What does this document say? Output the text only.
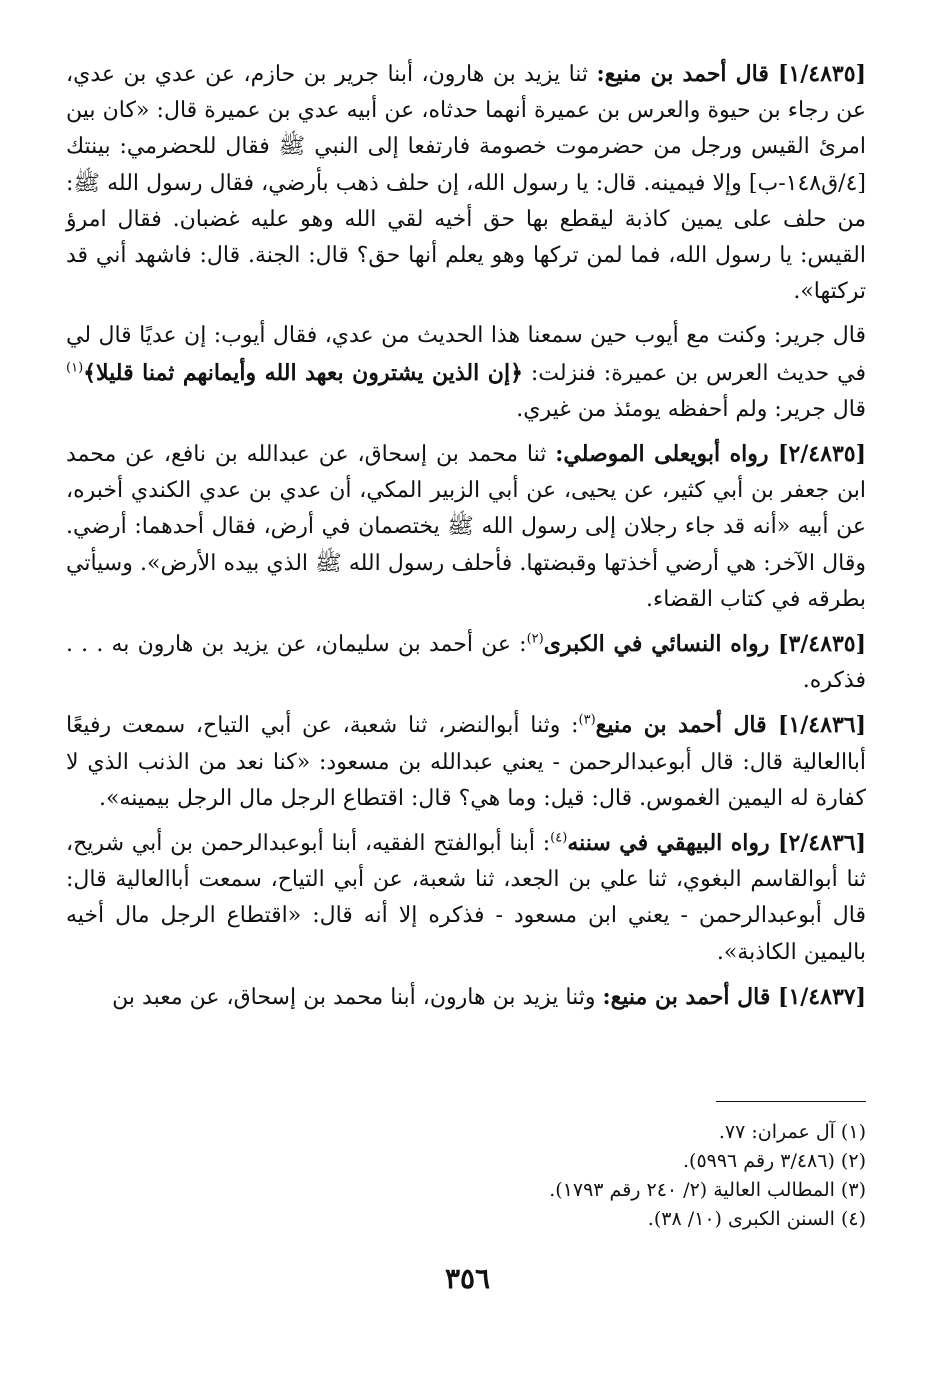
[١/٤٨٣٥] قال أحمد بن منيع: ثنا يزيد بن هارون، أبنا جرير بن حازم، عن عدي بن عدي، عن رجاء بن حيوة والعرس بن عميرة أنهما حدثاه، عن أبيه عدي بن عميرة قال: «كان بين امرئ القيس ورجل من حضرموت خصومة فارتفعا إلى النبي ﷺ فقال للحضرمي: بينتك [٤/ق١٤٨-ب] وإلا فيمينه. قال: يا رسول الله، إن حلف ذهب بأرضي، فقال رسول الله ﷺ: من حلف على يمين كاذبة ليقطع بها حق أخيه لقي الله وهو عليه غضبان. فقال امرؤ القيس: يا رسول الله، فما لمن تركها وهو يعلم أنها حق؟ قال: الجنة. قال: فاشهد أني قد تركتها».

قال جرير: وكنت مع أيوب حين سمعنا هذا الحديث من عدي، فقال أيوب: إن عديًا قال لي في حديث العرس بن عميرة: فنزلت: ﴿إن الذين يشترون بعهد الله وأيمانهم ثمنا قليلا﴾$^{(١)}$ قال جرير: ولم أحفظه يومئذ من غيري.

[٢/٤٨٣٥] رواه أبويعلى الموصلي: ثنا محمد بن إسحاق، عن عبدالله بن نافع، عن محمد ابن جعفر بن أبي كثير، عن يحيى، عن أبي الزبير المكي، أن عدي بن عدي الكندي أخبره، عن أبيه «أنه قد جاء رجلان إلى رسول الله ﷺ يختصمان في أرض، فقال أحدهما: أرضي. وقال الآخر: هي أرضي أخذتها وقبضتها. فأحلف رسول الله ﷺ الذي بيده الأرض». وسيأتي بطرقه في كتاب القضاء.

[٣/٤٨٣٥] رواه النسائي في الكبرى$^{(٢)}$: عن أحمد بن سليمان، عن يزيد بن هارون به . . . فذكره.

[١/٤٨٣٦] قال أحمد بن منيع$^{(٣)}$: وثنا أبوالنضر، ثنا شعبة، عن أبي التياح، سمعت رفيعًا أباالعالية قال: قال أبوعبدالرحمن - يعني عبدالله بن مسعود: «كنا نعد من الذنب الذي لا كفارة له اليمين الغموس. قال: قيل: وما هي؟ قال: اقتطاع الرجل مال الرجل بيمينه».

[٢/٤٨٣٦] رواه البيهقي في سننه$^{(٤)}$: أبنا أبوالفتح الفقيه، أبنا أبوعبدالرحمن بن أبي شريح، ثنا أبوالقاسم البغوي، ثنا علي بن الجعد، ثنا شعبة، عن أبي التياح، سمعت أباالعالية قال: قال أبوعبدالرحمن - يعني ابن مسعود - فذكره إلا أنه قال: «اقتطاع الرجل مال أخيه باليمين الكاذبة».

[١/٤٨٣٧] قال أحمد بن منيع: وثنا يزيد بن هارون، أبنا محمد بن إسحاق، عن معبد بن

(١) آل عمران: ٧٧.
(٢) (٣/٤٨٦ رقم ٥٩٩٦).
(٣) المطالب العالية (٢/ ٢٤٠ رقم ١٧٩٣).
(٤) السنن الكبرى (١٠/ ٣٨).
٣٥٦
